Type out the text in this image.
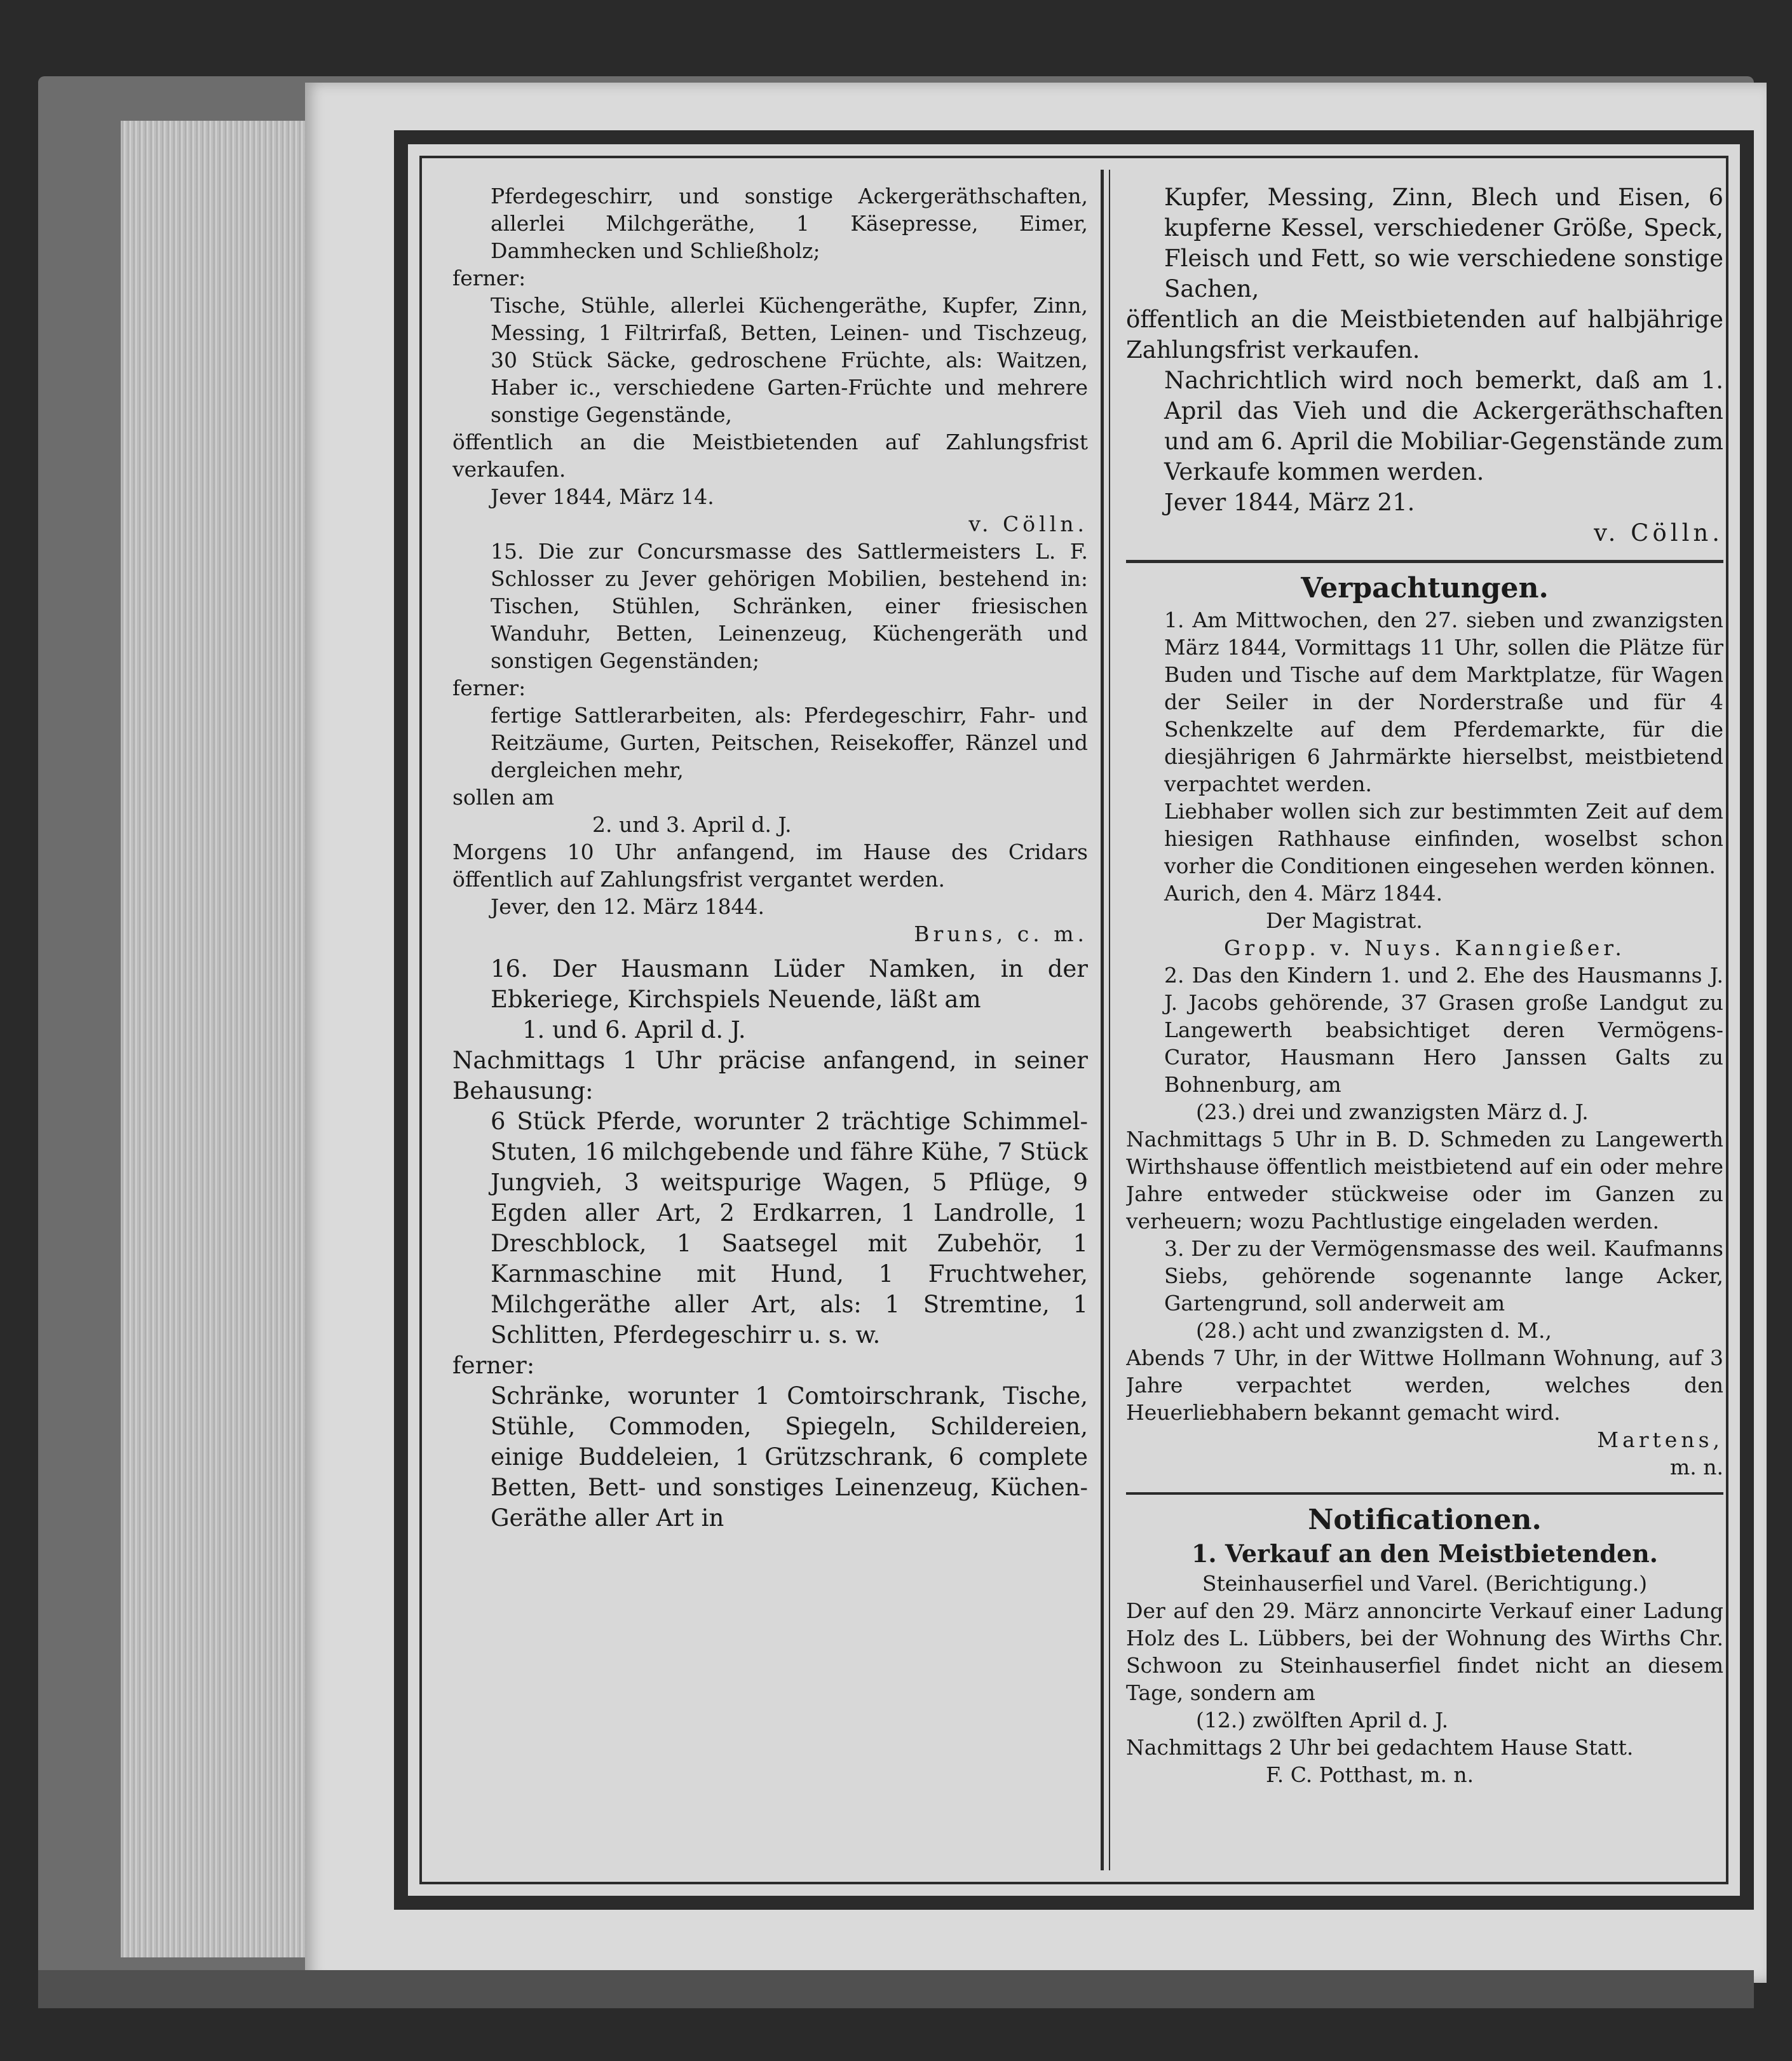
Pferdegeschirr, und sonstige Ackergeräthschaften, allerlei Milchgeräthe, 1 Käsepresse, Eimer, Dammhecken und Schließholz;

ferner:

Tische, Stühle, allerlei Küchengeräthe, Kupfer, Zinn, Messing, 1 Filtrirfaß, Betten, Leinen- und Tischzeug, 30 Stück Säcke, gedroschene Früchte, als: Waitzen, Haber ic., verschiedene Garten-Früchte und mehrere sonstige Gegenstände,

öffentlich an die Meistbietenden auf Zahlungsfrist verkaufen.

Jever 1844, März 14.

v. Cölln.

15. Die zur Concursmasse des Sattlermeisters L. F. Schlosser zu Jever gehörigen Mobilien, bestehend in: Tischen, Stühlen, Schränken, einer friesischen Wanduhr, Betten, Leinenzeug, Küchengeräth und sonstigen Gegenständen;

ferner:

fertige Sattlerarbeiten, als: Pferdegeschirr, Fahr- und Reitzäume, Gurten, Peitschen, Reisekoffer, Ränzel und dergleichen mehr,

sollen am

2. und 3. April d. J.

Morgens 10 Uhr anfangend, im Hause des Cridars öffentlich auf Zahlungsfrist vergantet werden.

Jever, den 12. März 1844.

Bruns, c. m.

16. Der Hausmann Lüder Namken, in der Ebkeriege, Kirchspiels Neuende, läßt am

1. und 6. April d. J.

Nachmittags 1 Uhr präcise anfangend, in seiner Behausung:

6 Stück Pferde, worunter 2 trächtige Schimmel-Stuten, 16 milchgebende und fähre Kühe, 7 Stück Jungvieh, 3 weitspurige Wagen, 5 Pflüge, 9 Egden aller Art, 2 Erdkarren, 1 Landrolle, 1 Dreschblock, 1 Saatsegel mit Zubehör, 1 Karnmaschine mit Hund, 1 Fruchtweher, Milchgeräthe aller Art, als: 1 Stremtine, 1 Schlitten, Pferdegeschirr u. s. w.

ferner:

Schränke, worunter 1 Comtoirschrank, Tische, Stühle, Commoden, Spiegeln, Schildereien, einige Buddeleien, 1 Grützschrank, 6 complete Betten, Bett- und sonstiges Leinenzeug, Küchen-Geräthe aller Art in

Kupfer, Messing, Zinn, Blech und Eisen, 6 kupferne Kessel, verschiedener Größe, Speck, Fleisch und Fett, so wie verschiedene sonstige Sachen,

öffentlich an die Meistbietenden auf halbjährige Zahlungsfrist verkaufen.

Nachrichtlich wird noch bemerkt, daß am 1. April das Vieh und die Ackergeräthschaften und am 6. April die Mobiliar-Gegenstände zum Verkaufe kommen werden.

Jever 1844, März 21.

v. Cölln.

Verpachtungen.

1. Am Mittwochen, den 27. sieben und zwanzigsten März 1844, Vormittags 11 Uhr, sollen die Plätze für Buden und Tische auf dem Marktplatze, für Wagen der Seiler in der Norderstraße und für 4 Schenkzelte auf dem Pferdemarkte, für die diesjährigen 6 Jahrmärkte hierselbst, meistbietend verpachtet werden.

Liebhaber wollen sich zur bestimmten Zeit auf dem hiesigen Rathhause einfinden, woselbst schon vorher die Conditionen eingesehen werden können.

Aurich, den 4. März 1844.

Der Magistrat.

Gropp. v. Nuys. Kanngießer.

2. Das den Kindern 1. und 2. Ehe des Hausmanns J. J. Jacobs gehörende, 37 Grasen große Landgut zu Langewerth beabsichtiget deren Vermögens-Curator, Hausmann Hero Janssen Galts zu Bohnenburg, am

(23.) drei und zwanzigsten März d. J.

Nachmittags 5 Uhr in B. D. Schmeden zu Langewerth Wirthshause öffentlich meistbietend auf ein oder mehre Jahre entweder stückweise oder im Ganzen zu verheuern; wozu Pachtlustige eingeladen werden.

3. Der zu der Vermögensmasse des weil. Kaufmanns Siebs, gehörende sogenannte lange Acker, Gartengrund, soll anderweit am

(28.) acht und zwanzigsten d. M.,

Abends 7 Uhr, in der Wittwe Hollmann Wohnung, auf 3 Jahre verpachtet werden, welches den Heuerliebhabern bekannt gemacht wird.

Martens,

m. n.

Notificationen.

1. Verkauf an den Meistbietenden.

Steinhauserfiel und Varel. (Berichtigung.)

Der auf den 29. März annoncirte Verkauf einer Ladung Holz des L. Lübbers, bei der Wohnung des Wirths Chr. Schwoon zu Steinhauserfiel findet nicht an diesem Tage, sondern am

(12.) zwölften April d. J.

Nachmittags 2 Uhr bei gedachtem Hause Statt.

F. C. Potthast, m. n.
